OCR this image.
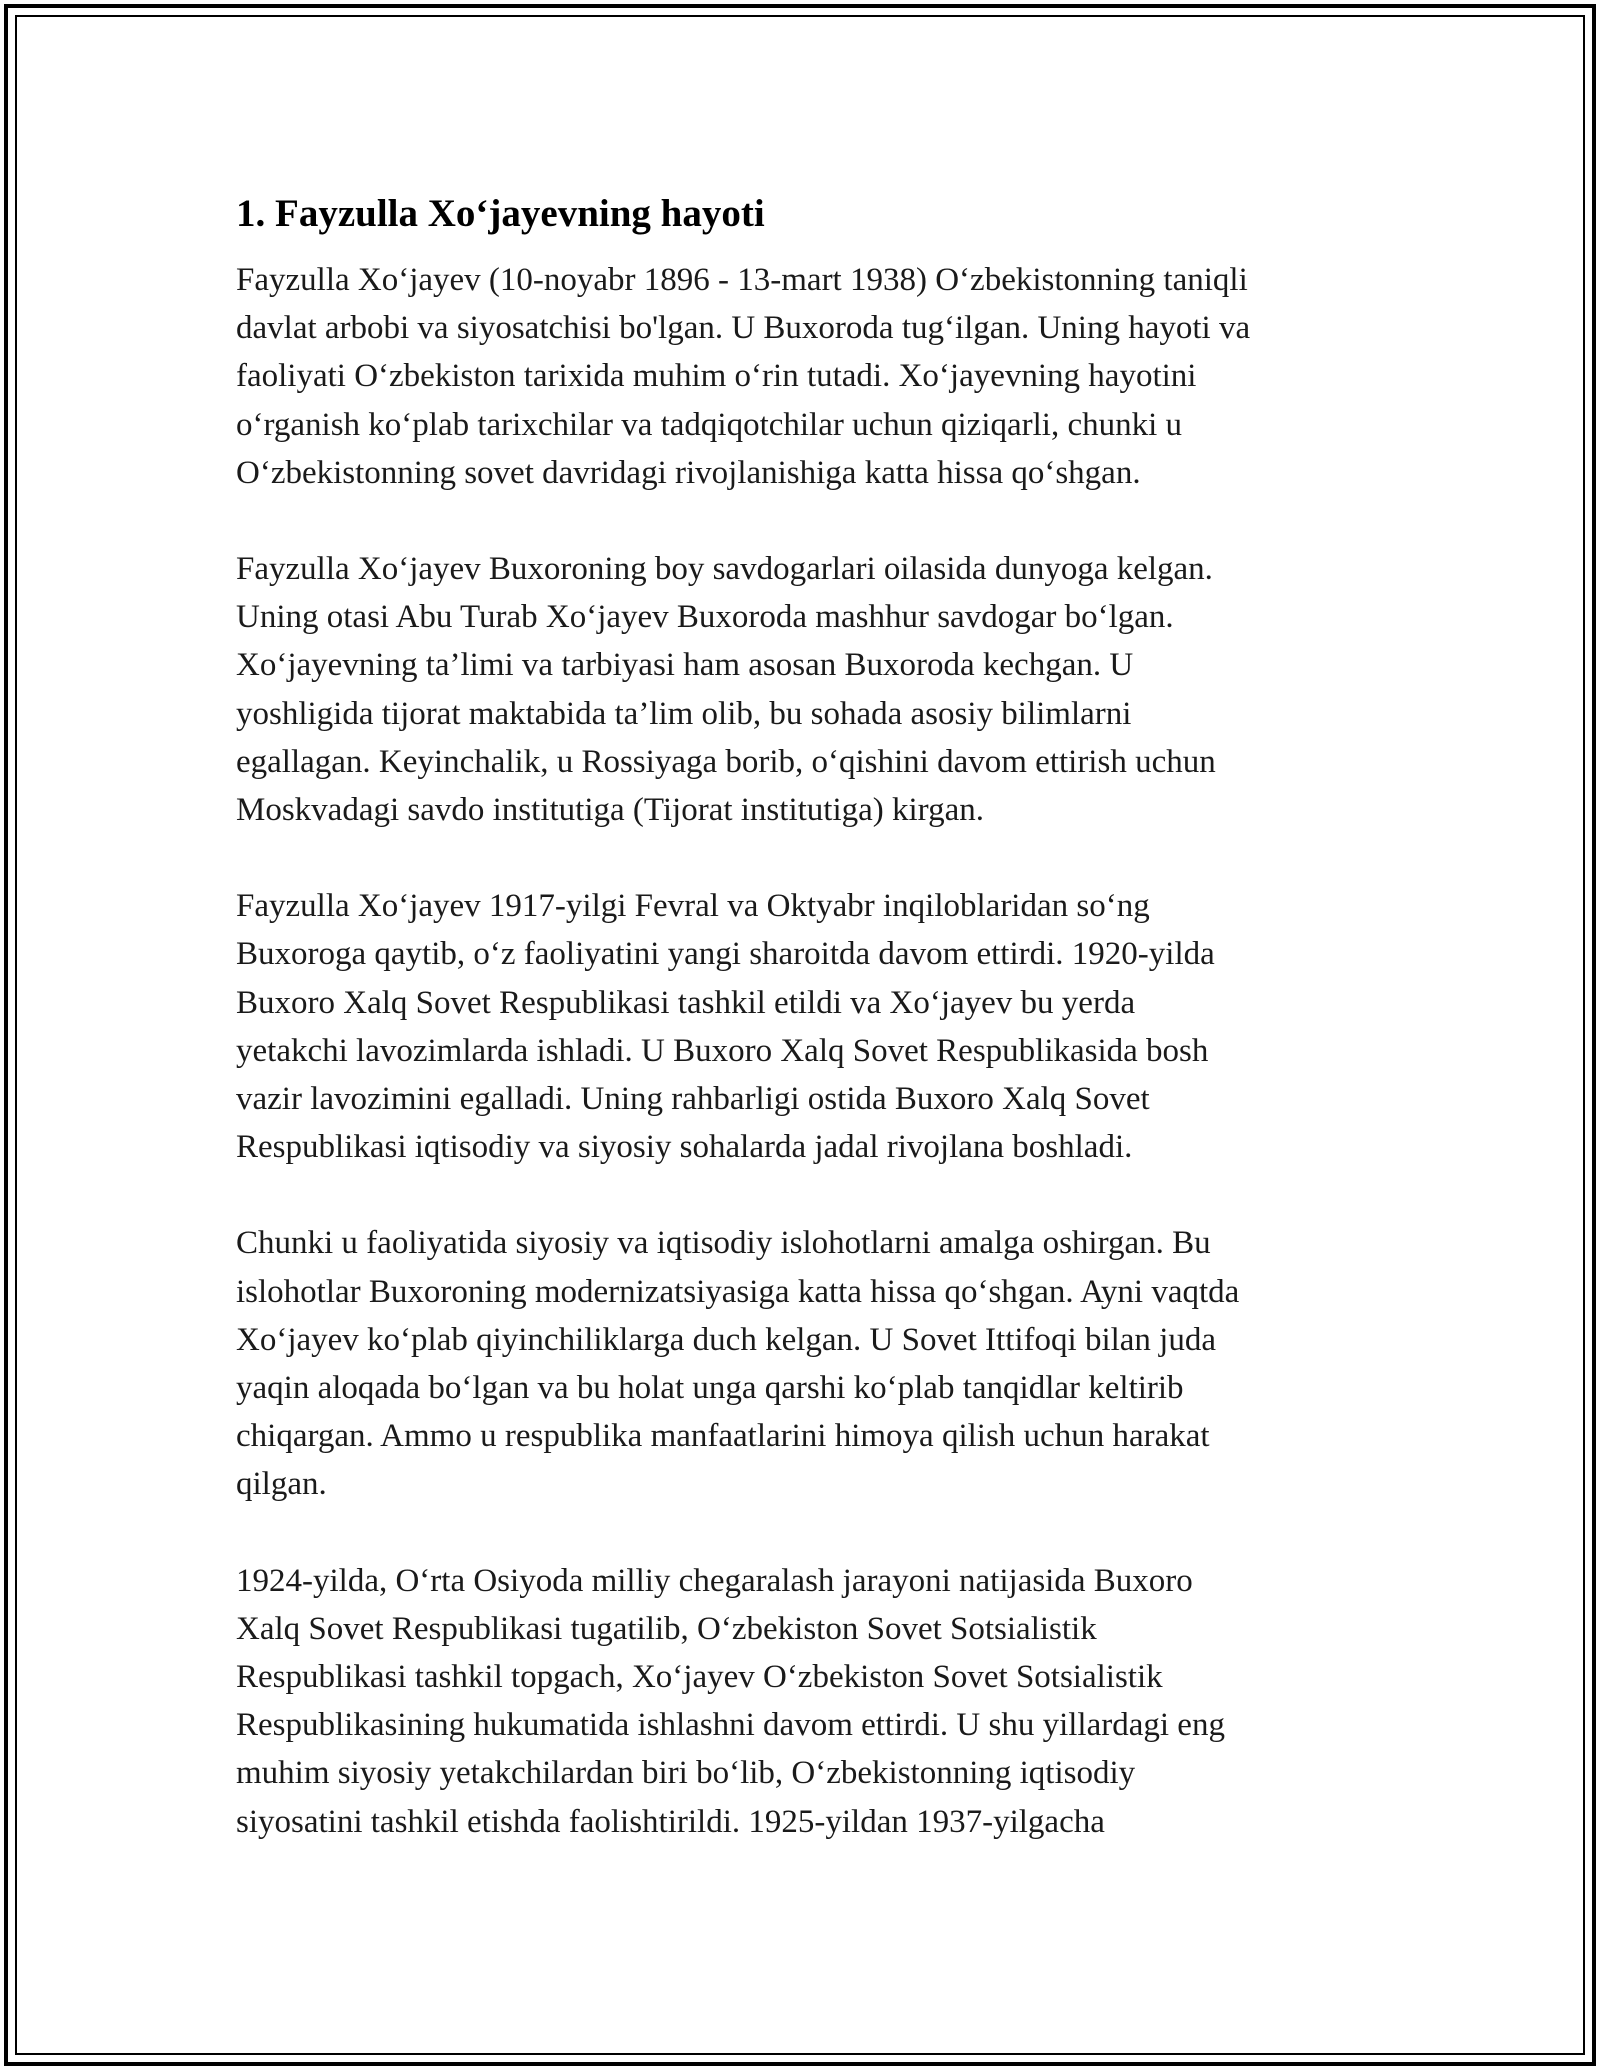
1. Fayzulla Xo‘jayevning hayoti

Fayzulla Xo‘jayev (10-noyabr 1896 - 13-mart 1938) O‘zbekistonning taniqli
davlat arbobi va siyosatchisi bo'lgan. U Buxoroda tug‘ilgan. Uning hayoti va
faoliyati O‘zbekiston tarixida muhim o‘rin tutadi. Xo‘jayevning hayotini
o‘rganish ko‘plab tarixchilar va tadqiqotchilar uchun qiziqarli, chunki u
O‘zbekistonning sovet davridagi rivojlanishiga katta hissa qo‘shgan.

Fayzulla Xo‘jayev Buxoroning boy savdogarlari oilasida dunyoga kelgan.
Uning otasi Abu Turab Xo‘jayev Buxoroda mashhur savdogar bo‘lgan.
Xo‘jayevning ta’limi va tarbiyasi ham asosan Buxoroda kechgan. U
yoshligida tijorat maktabida ta’lim olib, bu sohada asosiy bilimlarni
egallagan. Keyinchalik, u Rossiyaga borib, o‘qishini davom ettirish uchun
Moskvadagi savdo institutiga (Tijorat institutiga) kirgan.

Fayzulla Xo‘jayev 1917-yilgi Fevral va Oktyabr inqiloblaridan so‘ng
Buxoroga qaytib, o‘z faoliyatini yangi sharoitda davom ettirdi. 1920-yilda
Buxoro Xalq Sovet Respublikasi tashkil etildi va Xo‘jayev bu yerda
yetakchi lavozimlarda ishladi. U Buxoro Xalq Sovet Respublikasida bosh
vazir lavozimini egalladi. Uning rahbarligi ostida Buxoro Xalq Sovet
Respublikasi iqtisodiy va siyosiy sohalarda jadal rivojlana boshladi.

Chunki u faoliyatida siyosiy va iqtisodiy islohotlarni amalga oshirgan. Bu
islohotlar Buxoroning modernizatsiyasiga katta hissa qo‘shgan. Ayni vaqtda
Xo‘jayev ko‘plab qiyinchiliklarga duch kelgan. U Sovet Ittifoqi bilan juda
yaqin aloqada bo‘lgan va bu holat unga qarshi ko‘plab tanqidlar keltirib
chiqargan. Ammo u respublika manfaatlarini himoya qilish uchun harakat
qilgan.

1924-yilda, O‘rta Osiyoda milliy chegaralash jarayoni natijasida Buxoro
Xalq Sovet Respublikasi tugatilib, O‘zbekiston Sovet Sotsialistik
Respublikasi tashkil topgach, Xo‘jayev O‘zbekiston Sovet Sotsialistik
Respublikasining hukumatida ishlashni davom ettirdi. U shu yillardagi eng
muhim siyosiy yetakchilardan biri bo‘lib, O‘zbekistonning iqtisodiy
siyosatini tashkil etishda faolishtirildi. 1925-yildan 1937-yilgacha
